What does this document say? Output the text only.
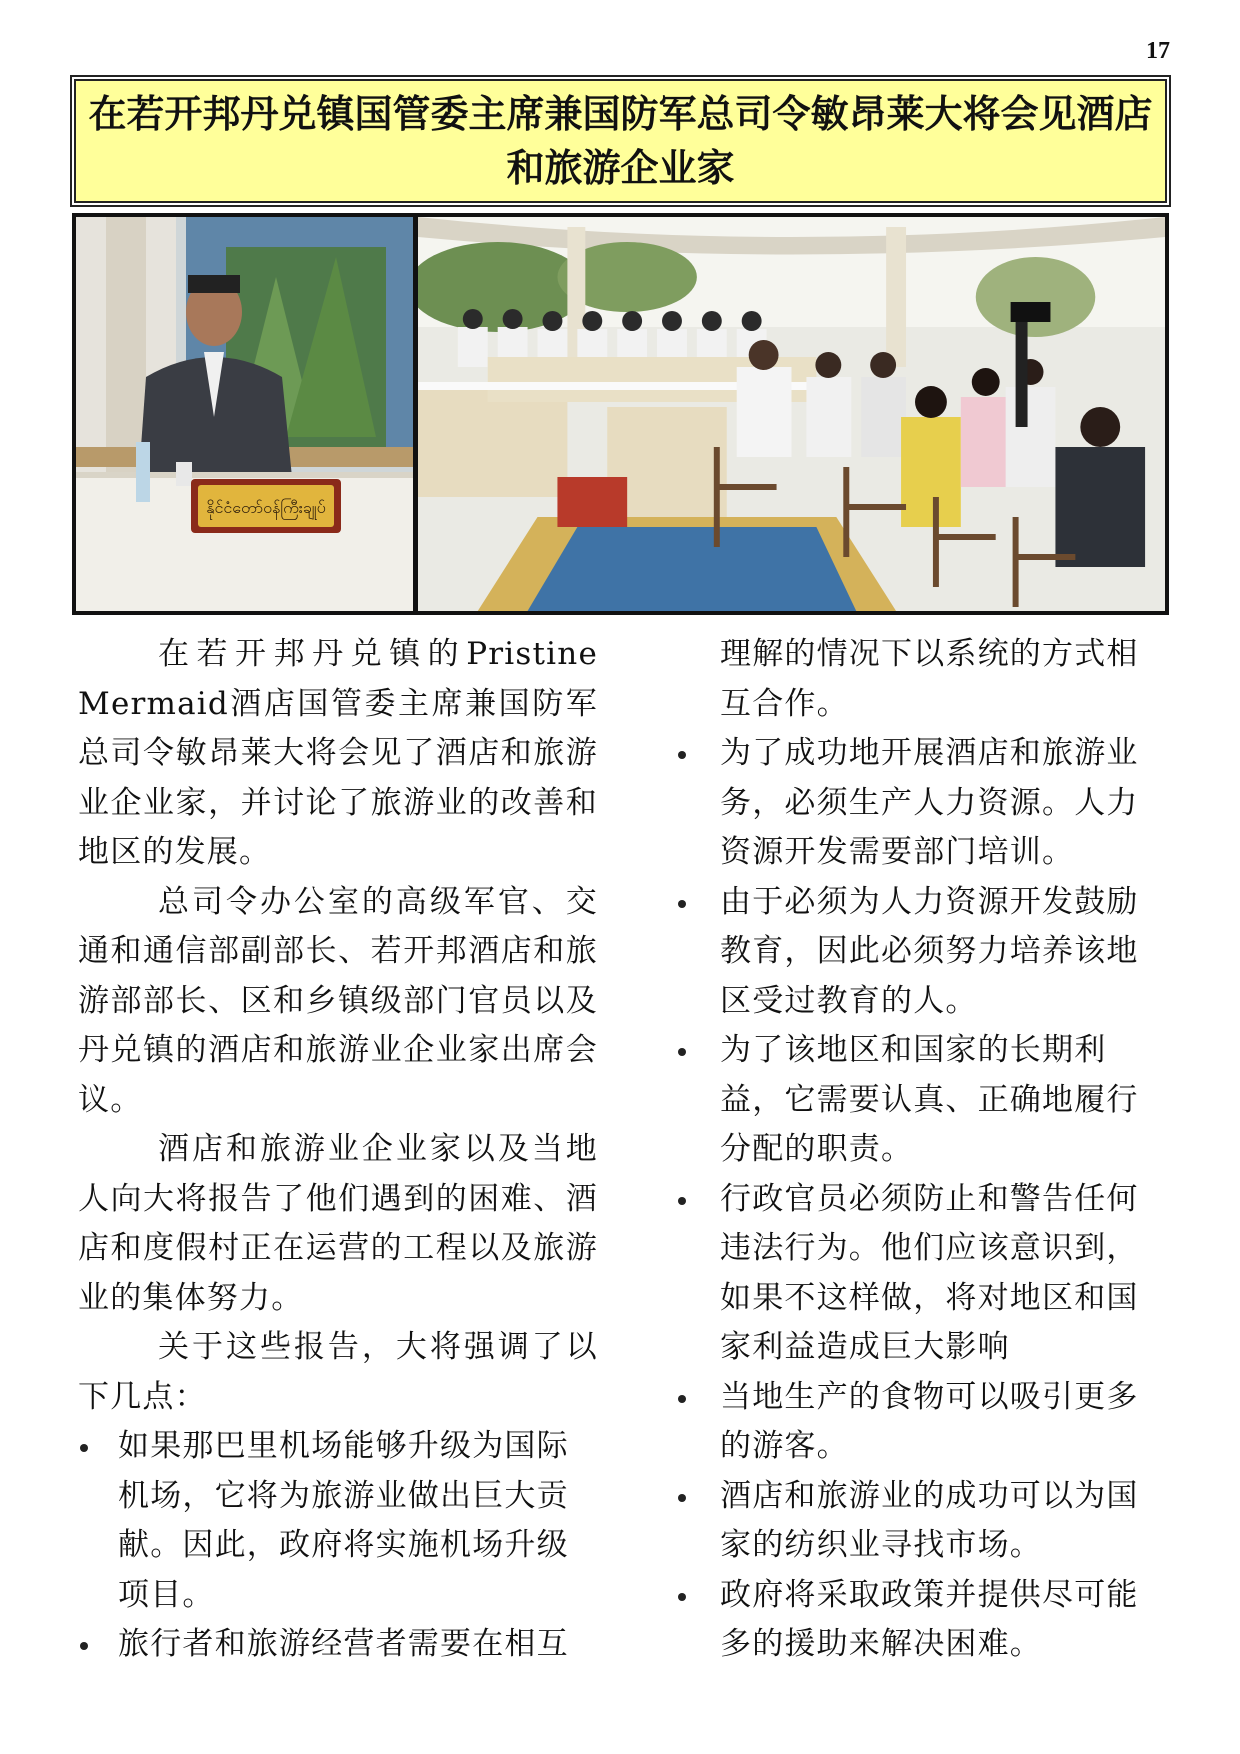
17
在若开邦丹兑镇国管委主席兼国防军总司令敏昂莱大将会见酒店
和旅游企业家
နိုင်ငံတော်ဝန်ကြီးချုပ်

在若开邦丹兑镇的Pristine Mermaid酒店国管委主席兼国防军总司令敏昂莱大将会见了酒店和旅游业企业家，并讨论了旅游业的改善和地区的发展。

总司令办公室的高级军官、交通和通信部副部长、若开邦酒店和旅游部部长、区和乡镇级部门官员以及丹兑镇的酒店和旅游业企业家出席会议。

酒店和旅游业企业家以及当地人向大将报告了他们遇到的困难、酒店和度假村正在运营的工程以及旅游业的集体努力。

关于这些报告，大将强调了以下几点：

如果那巴里机场能够升级为国际机场，它将为旅游业做出巨大贡献。因此，政府将实施机场升级项目。
旅行者和旅游经营者需要在相互
理解的情况下以系统的方式相互合作。
为了成功地开展酒店和旅游业务，必须生产人力资源。人力资源开发需要部门培训。
由于必须为人力资源开发鼓励教育，因此必须努力培养该地区受过教育的人。
为了该地区和国家的长期利益，它需要认真、正确地履行分配的职责。
行政官员必须防止和警告任何违法行为。他们应该意识到，如果不这样做，将对地区和国家利益造成巨大影响
当地生产的食物可以吸引更多的游客。
酒店和旅游业的成功可以为国家的纺织业寻找市场。
政府将采取政策并提供尽可能多的援助来解决困难。
